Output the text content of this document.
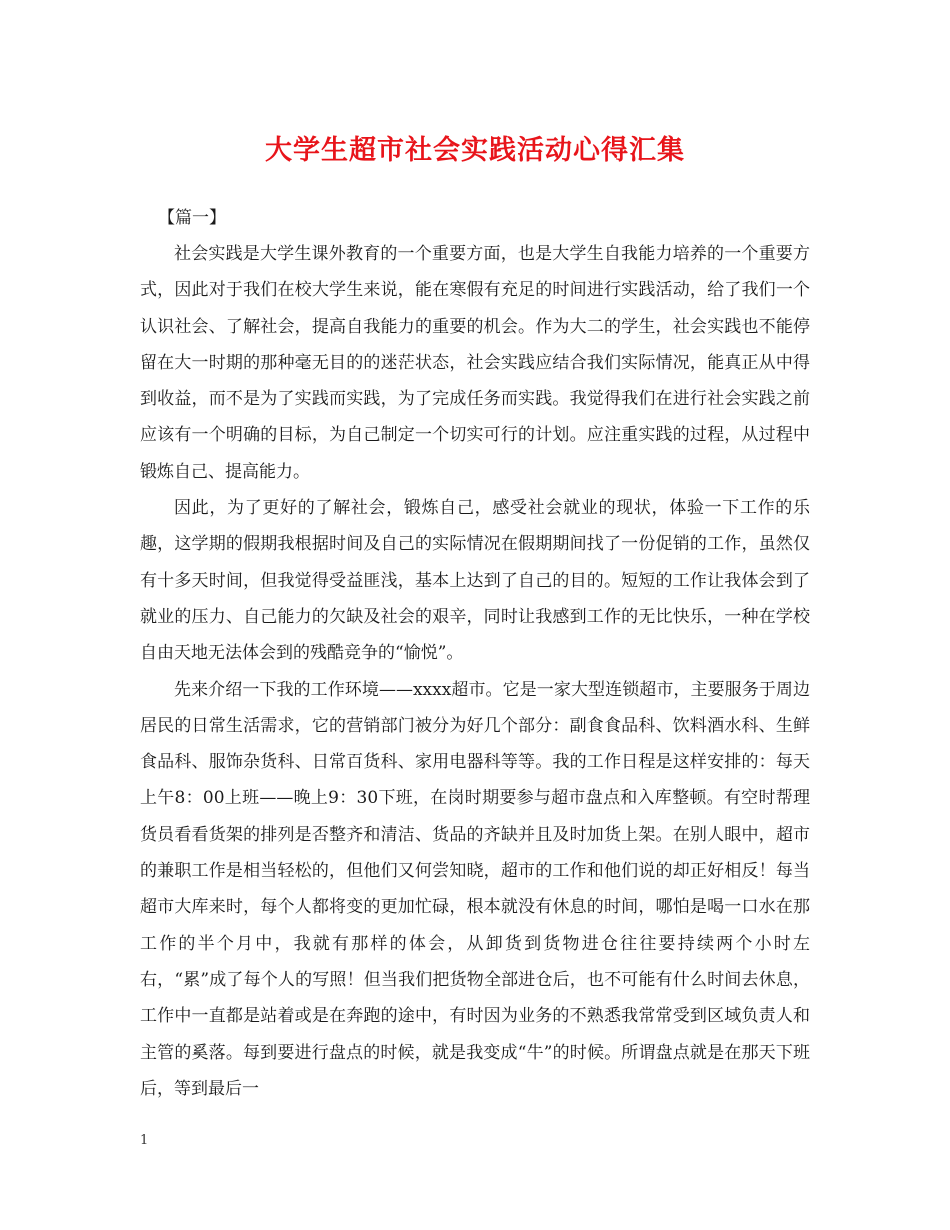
大学生超市社会实践活动心得汇集

【篇一】

社会实践是大学生课外教育的一个重要方面，也是大学生自我能力培养的一个重要方式，因此对于我们在校大学生来说，能在寒假有充足的时间进行实践活动，给了我们一个认识社会、了解社会，提高自我能力的重要的机会。作为大二的学生，社会实践也不能停留在大一时期的那种毫无目的的迷茫状态，社会实践应结合我们实际情况，能真正从中得到收益，而不是为了实践而实践，为了完成任务而实践。我觉得我们在进行社会实践之前应该有一个明确的目标，为自己制定一个切实可行的计划。应注重实践的过程，从过程中锻炼自己、提高能力。

因此，为了更好的了解社会，锻炼自己，感受社会就业的现状，体验一下工作的乐趣，这学期的假期我根据时间及自己的实际情况在假期期间找了一份促销的工作，虽然仅有十多天时间，但我觉得受益匪浅，基本上达到了自己的目的。短短的工作让我体会到了就业的压力、自己能力的欠缺及社会的艰辛，同时让我感到工作的无比快乐，一种在学校自由天地无法体会到的残酷竞争的“愉悦”。

先来介绍一下我的工作环境——xxxx超市。它是一家大型连锁超市，主要服务于周边居民的日常生活需求，它的营销部门被分为好几个部分：副食食品科、饮料酒水科、生鲜食品科、服饰杂货科、日常百货科、家用电器科等等。我的工作日程是这样安排的：每天上午8：00上班——晚上9：30下班，在岗时期要参与超市盘点和入库整顿。有空时帮理货员看看货架的排列是否整齐和清洁、货品的齐缺并且及时加货上架。在别人眼中，超市的兼职工作是相当轻松的，但他们又何尝知晓，超市的工作和他们说的却正好相反！每当超市大库来时，每个人都将变的更加忙碌，根本就没有休息的时间，哪怕是喝一口水在那工作的半个月中，我就有那样的体会，从卸货到货物进仓往往要持续两个小时左右，“累”成了每个人的写照！但当我们把货物全部进仓后，也不可能有什么时间去休息，工作中一直都是站着或是在奔跑的途中，有时因为业务的不熟悉我常常受到区域负责人和主管的奚落。每到要进行盘点的时候，就是我变成“牛”的时候。所谓盘点就是在那天下班后，等到最后一

1
